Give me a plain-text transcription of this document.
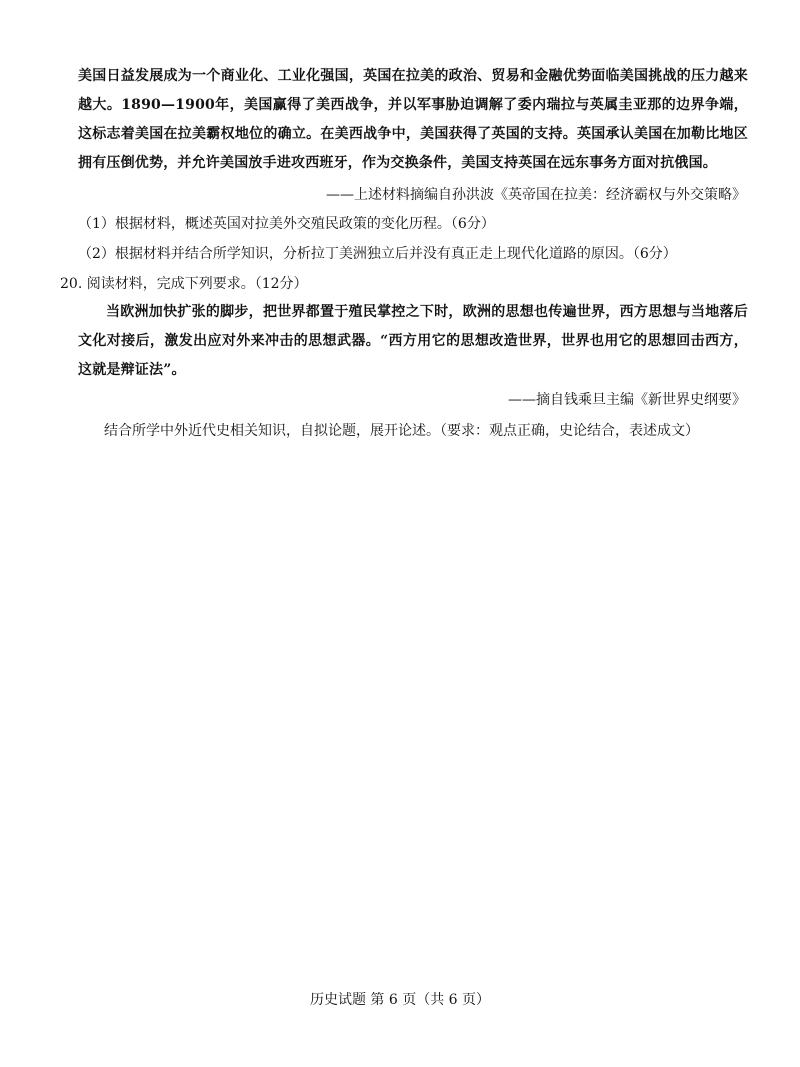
美国日益发展成为一个商业化、工业化强国，英国在拉美的政治、贸易和金融优势面临美国挑战的压力越来越大。1890—1900年，美国赢得了美西战争，并以军事胁迫调解了委内瑞拉与英属圭亚那的边界争端，这标志着美国在拉美霸权地位的确立。在美西战争中，美国获得了英国的支持。英国承认美国在加勒比地区拥有压倒优势，并允许美国放手进攻西班牙，作为交换条件，美国支持英国在远东事务方面对抗俄国。
——上述材料摘编自孙洪波《英帝国在拉美：经济霸权与外交策略》
（1）根据材料，概述英国对拉美外交殖民政策的变化历程。（6分）
（2）根据材料并结合所学知识，分析拉丁美洲独立后并没有真正走上现代化道路的原因。（6分）
20. 阅读材料，完成下列要求。（12分）
当欧洲加快扩张的脚步，把世界都置于殖民掌控之下时，欧洲的思想也传遍世界，西方思想与当地落后文化对接后，激发出应对外来冲击的思想武器。“西方用它的思想改造世界，世界也用它的思想回击西方，这就是辩证法”。
——摘自钱乘旦主编《新世界史纲要》
结合所学中外近代史相关知识，自拟论题，展开论述。（要求：观点正确，史论结合，表述成文）
历史试题 第 6 页（共 6 页）
